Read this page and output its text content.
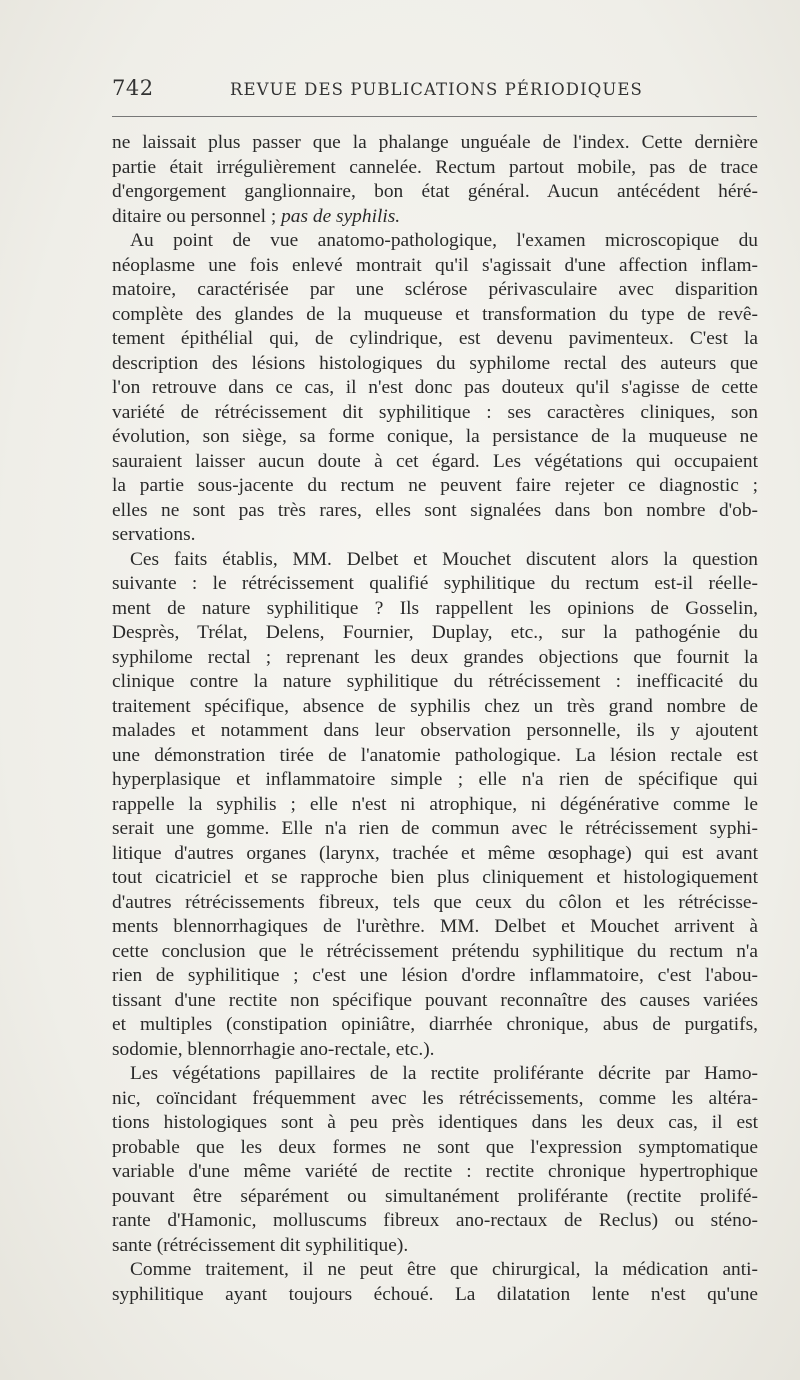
742	REVUE DES PUBLICATIONS PÉRIODIQUES
ne laissait plus passer que la phalange unguéale de l'index. Cette dernière
partie était irrégulièrement cannelée. Rectum partout mobile, pas de trace
d'engorgement ganglionnaire, bon état général. Aucun antécédent héré-
ditaire ou personnel ; pas de syphilis.
Au point de vue anatomo-pathologique, l'examen microscopique du
néoplasme une fois enlevé montrait qu'il s'agissait d'une affection inflam-
matoire, caractérisée par une sclérose périvasculaire avec disparition
complète des glandes de la muqueuse et transformation du type de revê-
tement épithélial qui, de cylindrique, est devenu pavimenteux. C'est la
description des lésions histologiques du syphilome rectal des auteurs que
l'on retrouve dans ce cas, il n'est donc pas douteux qu'il s'agisse de cette
variété de rétrécissement dit syphilitique : ses caractères cliniques, son
évolution, son siège, sa forme conique, la persistance de la muqueuse ne
sauraient laisser aucun doute à cet égard. Les végétations qui occupaient
la partie sous-jacente du rectum ne peuvent faire rejeter ce diagnostic ;
elles ne sont pas très rares, elles sont signalées dans bon nombre d'ob-
servations.
Ces faits établis, MM. Delbet et Mouchet discutent alors la question
suivante : le rétrécissement qualifié syphilitique du rectum est-il réelle-
ment de nature syphilitique ? Ils rappellent les opinions de Gosselin,
Desprès, Trélat, Delens, Fournier, Duplay, etc., sur la pathogénie du
syphilome rectal ; reprenant les deux grandes objections que fournit la
clinique contre la nature syphilitique du rétrécissement : inefficacité du
traitement spécifique, absence de syphilis chez un très grand nombre de
malades et notamment dans leur observation personnelle, ils y ajoutent
une démonstration tirée de l'anatomie pathologique. La lésion rectale est
hyperplasique et inflammatoire simple ; elle n'a rien de spécifique qui
rappelle la syphilis ; elle n'est ni atrophique, ni dégénérative comme le
serait une gomme. Elle n'a rien de commun avec le rétrécissement syphi-
litique d'autres organes (larynx, trachée et même œsophage) qui est avant
tout cicatriciel et se rapproche bien plus cliniquement et histologiquement
d'autres rétrécissements fibreux, tels que ceux du côlon et les rétrécisse-
ments blennorrhagiques de l'urèthre. MM. Delbet et Mouchet arrivent à
cette conclusion que le rétrécissement prétendu syphilitique du rectum n'a
rien de syphilitique ; c'est une lésion d'ordre inflammatoire, c'est l'abou-
tissant d'une rectite non spécifique pouvant reconnaître des causes variées
et multiples (constipation opiniâtre, diarrhée chronique, abus de purgatifs,
sodomie, blennorrhagie ano-rectale, etc.).
Les végétations papillaires de la rectite proliférante décrite par Hamo-
nic, coïncidant fréquemment avec les rétrécissements, comme les altéra-
tions histologiques sont à peu près identiques dans les deux cas, il est
probable que les deux formes ne sont que l'expression symptomatique
variable d'une même variété de rectite : rectite chronique hypertrophique
pouvant être séparément ou simultanément proliférante (rectite prolifé-
rante d'Hamonic, molluscums fibreux ano-rectaux de Reclus) ou sténo-
sante (rétrécissement dit syphilitique).
Comme traitement, il ne peut être que chirurgical, la médication anti-
syphilitique ayant toujours échoué. La dilatation lente n'est qu'une
